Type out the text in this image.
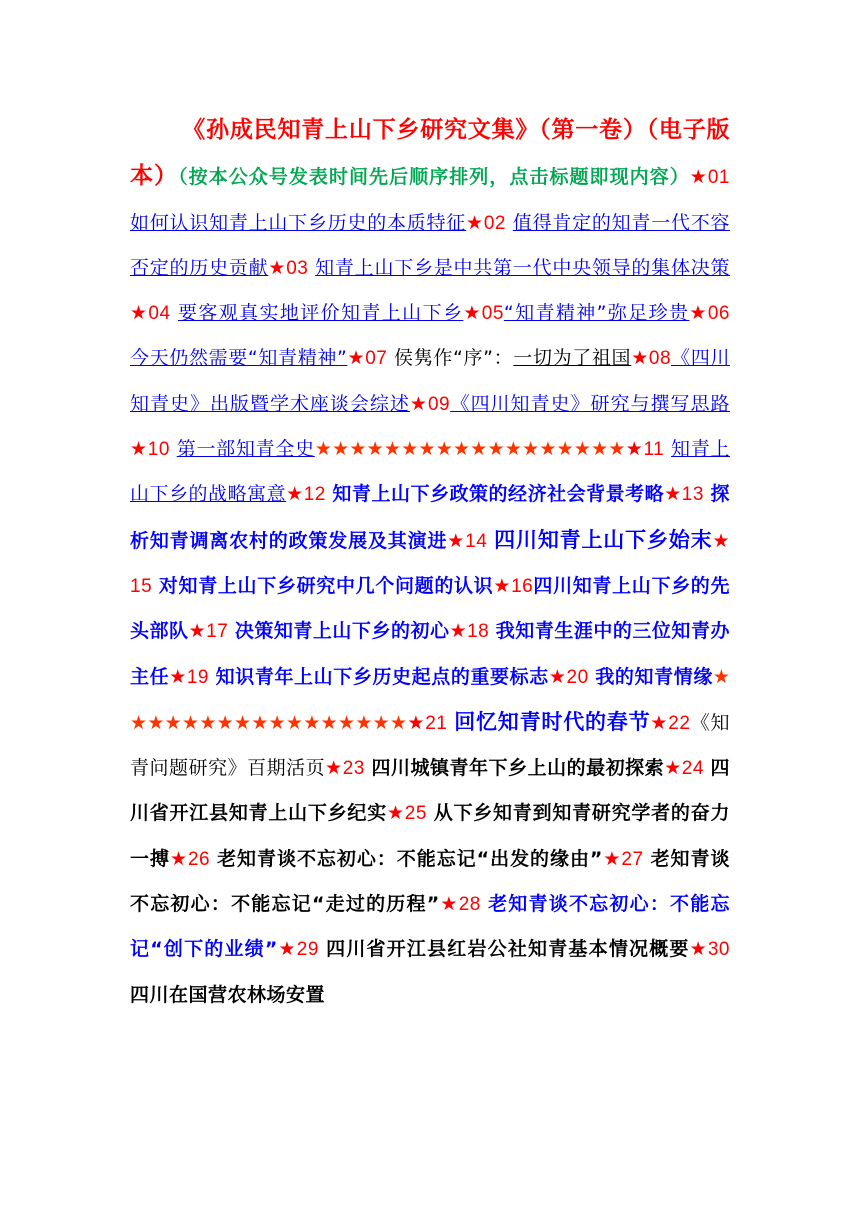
《孙成民知青上山下乡研究文集》（第一卷）（电子版本）（按本公众号发表时间先后顺序排列，点击标题即现内容）★01 如何认识知青上山下乡历史的本质特征★02 值得肯定的知青一代不容否定的历史贡献★03 知青上山下乡是中共第一代中央领导的集体决策★04 要客观真实地评价知青上山下乡★05“知青精神”弥足珍贵★06 今天仍然需要“知青精神”★07 侯隽作“序”：一切为了祖国★08《四川知青史》出版暨学术座谈会综述★09《四川知青史》研究与撰写思路★10 第一部知青全史★★★★★★★★★★★★★★★★★★★11 知青上山下乡的战略寓意★12 知青上山下乡政策的经济社会背景考略★13 探析知青调离农村的政策发展及其演进★14 四川知青上山下乡始末★15 对知青上山下乡研究中几个问题的认识★16四川知青上山下乡的先头部队★17 决策知青上山下乡的初心★18 我知青生涯中的三位知青办主任★19 知识青年上山下乡历史起点的重要标志★20 我的知青情缘★★★★★★★★★★★★★★★★★★21 回忆知青时代的春节★22《知青问题研究》百期活页★23 四川城镇青年下乡上山的最初探索★24 四川省开江县知青上山下乡纪实★25 从下乡知青到知青研究学者的奋力一搏★26 老知青谈不忘初心：不能忘记“出发的缘由”★27 老知青谈不忘初心：不能忘记“走过的历程”★28 老知青谈不忘初心：不能忘记“创下的业绩”★29 四川省开江县红岩公社知青基本情况概要★30 四川在国营农林场安置
